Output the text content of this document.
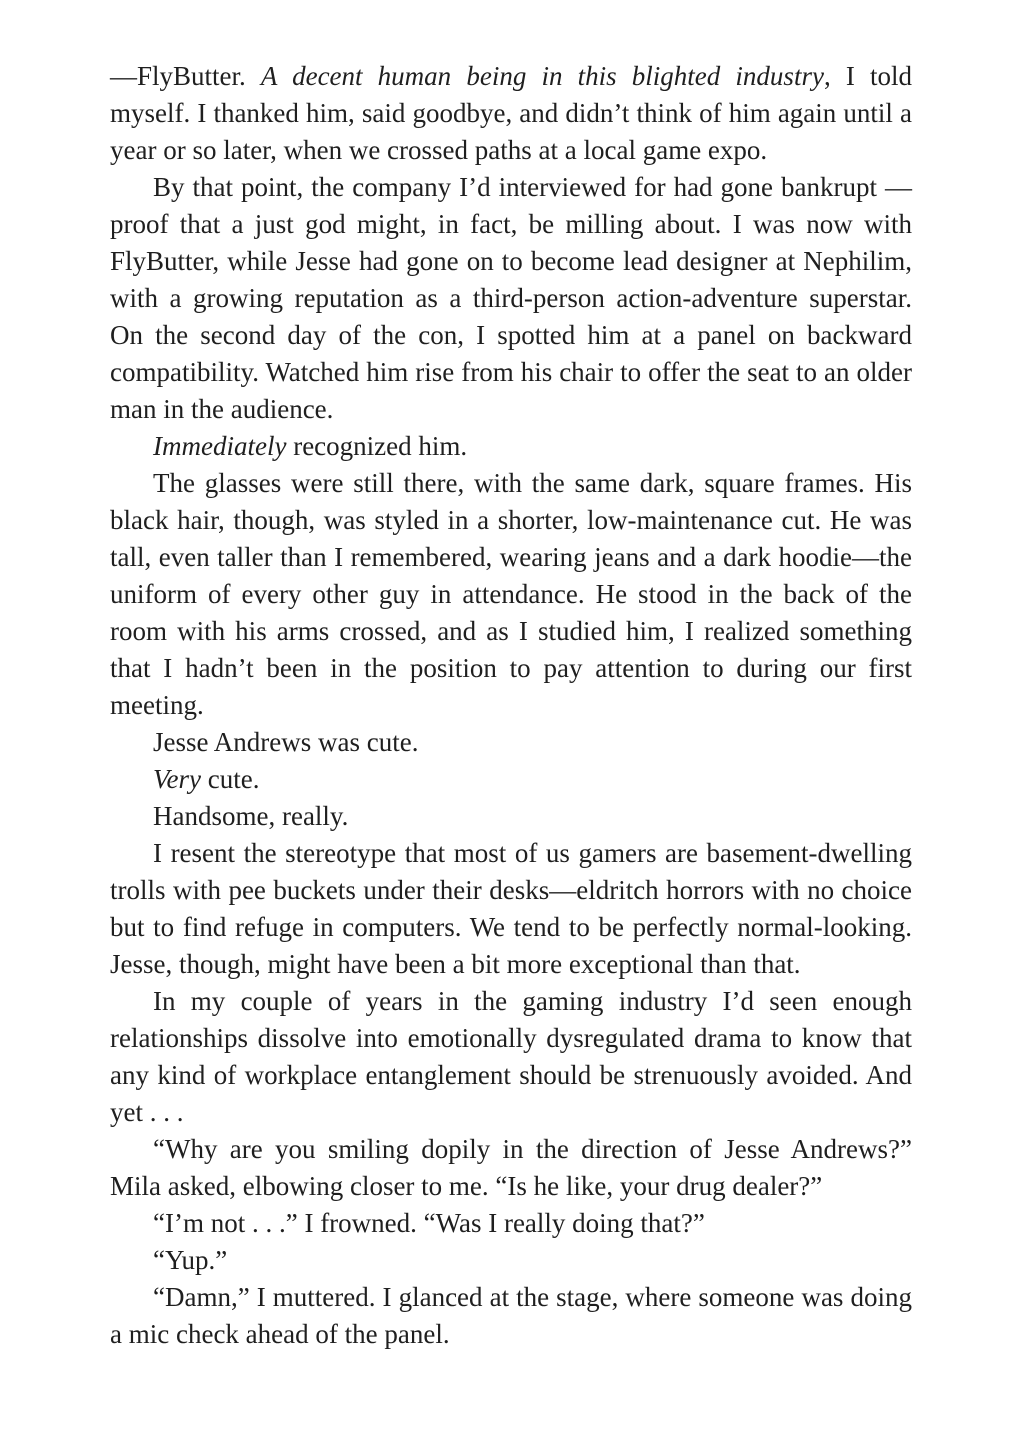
—FlyButter. A decent human being in this blighted industry, I told myself. I thanked him, said goodbye, and didn’t think of him again until a year or so later, when we crossed paths at a local game expo.

By that point, the company I’d interviewed for had gone bankrupt —proof that a just god might, in fact, be milling about. I was now with FlyButter, while Jesse had gone on to become lead designer at Nephilim, with a growing reputation as a third-person action-adventure superstar. On the second day of the con, I spotted him at a panel on backward compatibility. Watched him rise from his chair to offer the seat to an older man in the audience.

Immediately recognized him.

The glasses were still there, with the same dark, square frames. His black hair, though, was styled in a shorter, low-maintenance cut. He was tall, even taller than I remembered, wearing jeans and a dark hoodie—the uniform of every other guy in attendance. He stood in the back of the room with his arms crossed, and as I studied him, I realized something that I hadn’t been in the position to pay attention to during our first meeting.

Jesse Andrews was cute.

Very cute.

Handsome, really.

I resent the stereotype that most of us gamers are basement-dwelling trolls with pee buckets under their desks—eldritch horrors with no choice but to find refuge in computers. We tend to be perfectly normal-looking. Jesse, though, might have been a bit more exceptional than that.

In my couple of years in the gaming industry I’d seen enough relationships dissolve into emotionally dysregulated drama to know that any kind of workplace entanglement should be strenuously avoided. And yet . . .

“Why are you smiling dopily in the direction of Jesse Andrews?” Mila asked, elbowing closer to me. “Is he like, your drug dealer?”

“I’m not . . .” I frowned. “Was I really doing that?”

“Yup.”

“Damn,” I muttered. I glanced at the stage, where someone was doing a mic check ahead of the panel.
